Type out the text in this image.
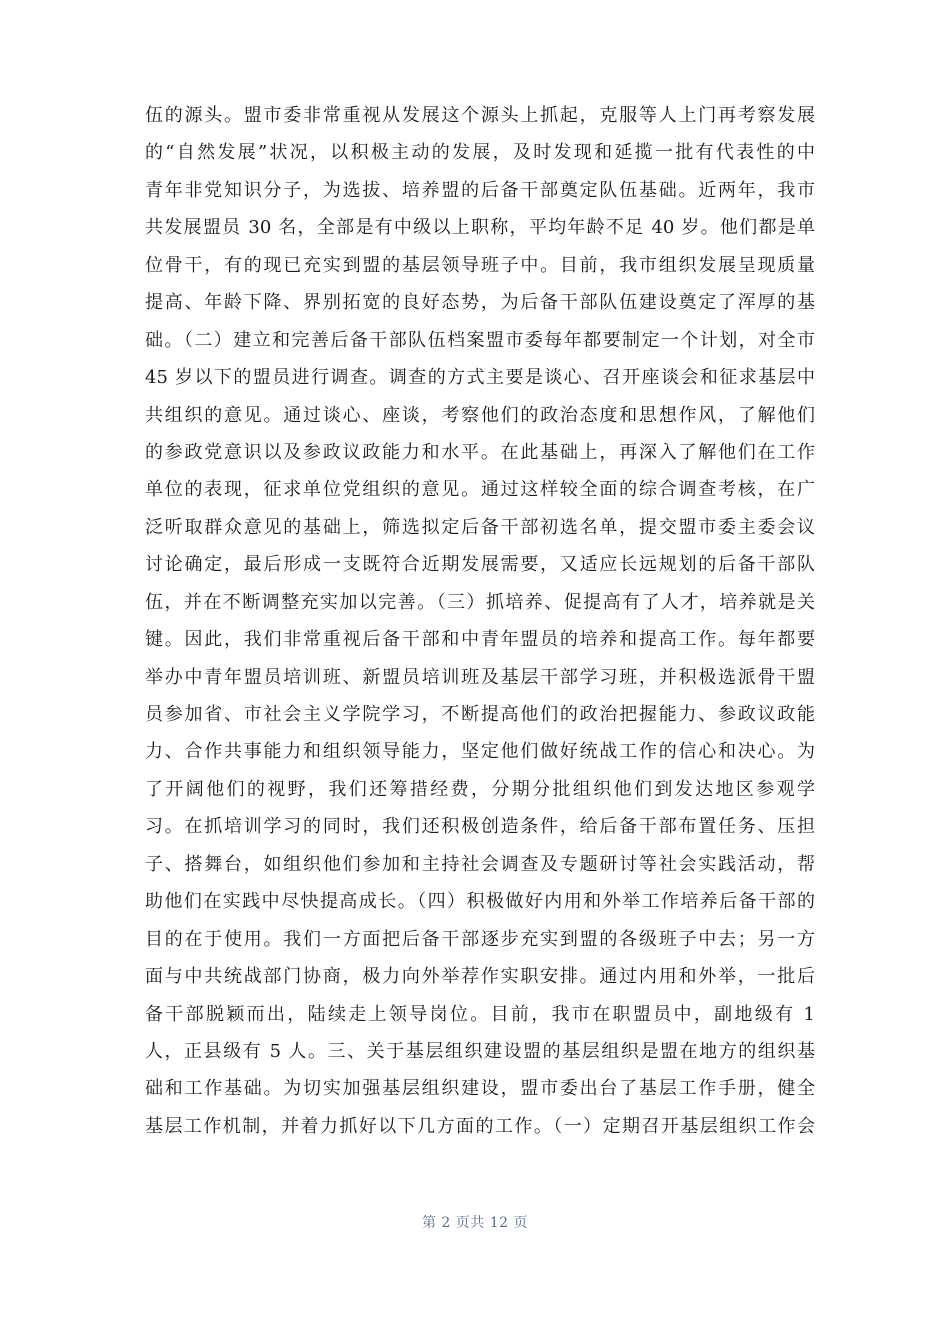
伍的源头。盟市委非常重视从发展这个源头上抓起，克服等人上门再考察发展
的“自然发展”状况，以积极主动的发展，及时发现和延揽一批有代表性的中
青年非党知识分子，为选拔、培养盟的后备干部奠定队伍基础。近两年，我市
共发展盟员 30 名，全部是有中级以上职称，平均年龄不足 40 岁。他们都是单
位骨干，有的现已充实到盟的基层领导班子中。目前，我市组织发展呈现质量
提高、年龄下降、界别拓宽的良好态势，为后备干部队伍建设奠定了浑厚的基
础。（二）建立和完善后备干部队伍档案盟市委每年都要制定一个计划，对全市
45 岁以下的盟员进行调查。调查的方式主要是谈心、召开座谈会和征求基层中
共组织的意见。通过谈心、座谈，考察他们的政治态度和思想作风，了解他们
的参政党意识以及参政议政能力和水平。在此基础上，再深入了解他们在工作
单位的表现，征求单位党组织的意见。通过这样较全面的综合调查考核，在广
泛听取群众意见的基础上，筛选拟定后备干部初选名单，提交盟市委主委会议
讨论确定，最后形成一支既符合近期发展需要，又适应长远规划的后备干部队
伍，并在不断调整充实加以完善。（三）抓培养、促提高有了人才，培养就是关
键。因此，我们非常重视后备干部和中青年盟员的培养和提高工作。每年都要
举办中青年盟员培训班、新盟员培训班及基层干部学习班，并积极选派骨干盟
员参加省、市社会主义学院学习，不断提高他们的政治把握能力、参政议政能
力、合作共事能力和组织领导能力，坚定他们做好统战工作的信心和决心。为
了开阔他们的视野，我们还筹措经费，分期分批组织他们到发达地区参观学
习。在抓培训学习的同时，我们还积极创造条件，给后备干部布置任务、压担
子、搭舞台，如组织他们参加和主持社会调查及专题研讨等社会实践活动，帮
助他们在实践中尽快提高成长。（四）积极做好内用和外举工作培养后备干部的
目的在于使用。我们一方面把后备干部逐步充实到盟的各级班子中去；另一方
面与中共统战部门协商，极力向外举荐作实职安排。通过内用和外举，一批后
备干部脱颖而出，陆续走上领导岗位。目前，我市在职盟员中，副地级有 1
人，正县级有 5 人。三、关于基层组织建设盟的基层组织是盟在地方的组织基
础和工作基础。为切实加强基层组织建设，盟市委出台了基层工作手册，健全
基层工作机制，并着力抓好以下几方面的工作。（一）定期召开基层组织工作会
第 2 页共 12 页
